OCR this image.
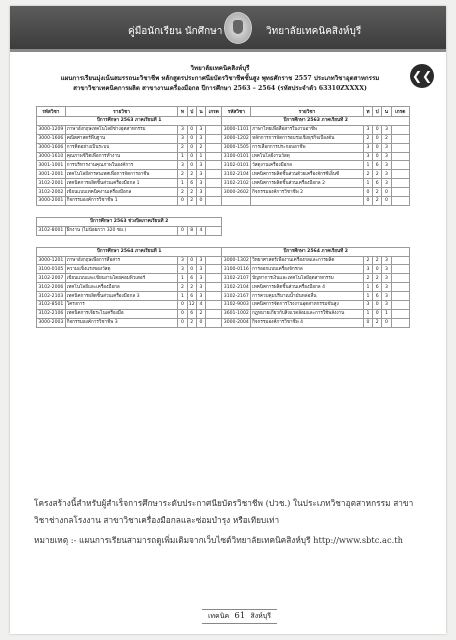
คู่มือนักเรียน นักศึกษา	วิทยาลัยเทคนิคสิงห์บุรี
❮❮
วิทยาลัยเทคนิคสิงห์บุรี
แผนการเรียนมุ่งเน้นสมรรถนะวิชาชีพ หลักสูตรประกาศนียบัตรวิชาชีพชั้นสูง พุทธศักราช 2557 ประเภทวิชาอุตสาหกรรม
สาขาวิชาเทคนิคการผลิต สาขางานเครื่องมือกล ปีการศึกษา 2563 – 2564 (รหัสประจำตัว 63310ZXXXX)
รหัสวิชา	รายวิชา	ท	ป	น	เกรด	รหัสวิชา	รายวิชา	ท	ป	น	เกรด
ปีการศึกษา 2563 ภาคเรียนที่ 1						ปีการศึกษา 2563 ภาคเรียนที่ 2					
3000-1209	ภาษาอังกฤษเทคโนโลยีช่างอุตสาหกรรม	3	0	3		3000-1101	ภาษาไทยเพื่อสื่อสารในงานอาชีพ	3	0	3	
3000-1606	คณิตศาสตร์พื้นฐาน	3	0	3		3000-1202	หลักการการจัดการอบรมเชิงธุรกิจเบื้องต้น	2	0	2	
3000-1606	การคิดอย่างเป็นระบบ	2	0	2		3000-1505	การเลือกการประกอบอาชีพ	3	0	3	
3000-1610	คุณภาพชีวิตเพื่อการทำงาน	1	0	1		3100-0101	เทคโนโลยีงานวัสดุ	3	0	3	
3001-1001	การบริหารงานคุณภาพในองค์การ	3	0	3		3102-0101	วัสดุงานเครื่องมือกล	1	6	3	
3001-2001	เทคโนโลยีสารสนเทศเพื่อการจัดการอาชีพ	2	2	3		3102-2104	เทคนิคการผลิตชิ้นส่วนด้วยเครื่องจักรซีเอ็นซี	2	2	3	
3102-2001	เทคนิคการผลิตชิ้นส่วนเครื่องมือกล 1	1	6	3		3102-2102	เทคนิคการผลิตชิ้นส่วนเครื่องมือกล 2	1	6	3	
3102-2002	เขียนแบบเทคนิคงานเครื่องมือกล	2	2	3		3000-2602	กิจกรรมองค์การวิชาชีพ 2	0	2	0	
3000-2001	กิจกรรมองค์การวิชาชีพ 1	0	2	0				0	2	0	

ปีการศึกษา 2563 ช่วงปิดภาคเรียนที่ 2											
3102-8001	ฝึกงาน (ไม่น้อยกว่า 320 ชม.)	0	8	4							

ปีการศึกษา 2564 ภาคเรียนที่ 1						ปีการศึกษา 2564 ภาคเรียนที่ 2					
3000-1201	ภาษาอังกฤษเพื่อการสื่อสาร	3	0	3		3000-1302	วิทยาศาสตร์เพื่องานเครื่องกลและการผลิต	2	2	3	
3100-0105	ความแข็งแรงของวัสดุ	3	0	3		3100-0116	การออกแบบเครื่องจักรกล	3	0	3	
3102-2007	เขียนแบบและเขียนงานโดยคอมพิวเตอร์	1	6	3		3102-2107	ปัญหาการเงินและเทคโนโลยีอุตสาหกรรม	2	2	3	
3102-2006	เทคโนโลยีและเครื่องมือกล	2	2	3		3102-2104	เทคนิคการผลิตชิ้นส่วนเครื่องมือกล 4	1	6	3	
3102-2103	เทคนิคการผลิตชิ้นส่วนเครื่องมือกล 3	1	6	3		3102-2167	การควบคุมปริมาณน้ำมันหล่อลื่น	1	6	3	
3102-8501	โครงการ	0	12	4		3102-9003	เทคนิคการจัดการโรงงานอุตสาหกรรมขั้นสูง	3	0	3	
3102-2106	เทคนิคการเจียระไนเครื่องมือ	0	6	2		3601-1002	กฎหมายเกี่ยวกับสิ่งแวดล้อมและการใช้พลังงาน	1	0	1	
3000-2003	กิจกรรมองค์การวิชาชีพ 3	0	2	0		3000-2004	กิจกรรมองค์การวิชาชีพ 4	0	2	0	
โครงสร้างนี้สำหรับผู้สำเร็จการศึกษาระดับประกาศนียบัตรวิชาชีพ (ปวช.) ในประเภทวิชาอุตสาหกรรม สาขาวิชาช่างกลโรงงาน สาขาวิชาเครื่องมือกลและซ่อมบำรุง หรือเทียบเท่า
หมายเหตุ :- แผนการเรียนสามารถดูเพิ่มเติมจากเว็บไซต์วิทยาลัยเทคนิคสิงห์บุรี http://www.sbtc.ac.th
เทคนิค 61 สิงห์บุรี
